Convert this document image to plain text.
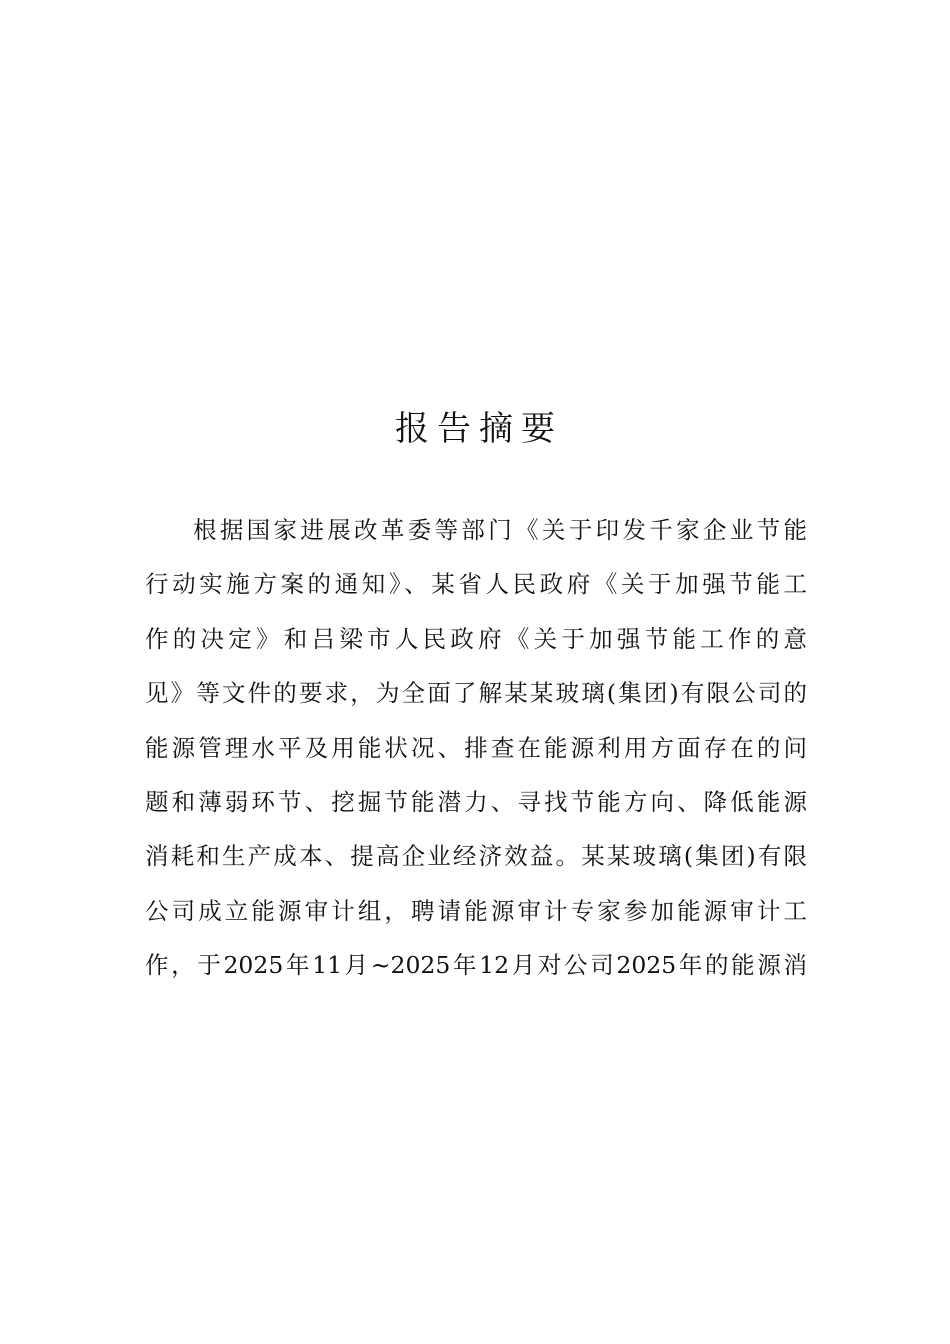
报告摘要
根据国家进展改革委等部门《关于印发千家企业节能
行动实施方案的通知》、某省人民政府《关于加强节能工
作的决定》和吕梁市人民政府《关于加强节能工作的意
见》等文件的要求，为全面了解某某玻璃(集团)有限公司的
能源管理水平及用能状况、排查在能源利用方面存在的问
题和薄弱环节、挖掘节能潜力、寻找节能方向、降低能源
消耗和生产成本、提高企业经济效益。某某玻璃(集团)有限
公司成立能源审计组，聘请能源审计专家参加能源审计工
作，于2025年11月~2025年12月对公司2025年的能源消
